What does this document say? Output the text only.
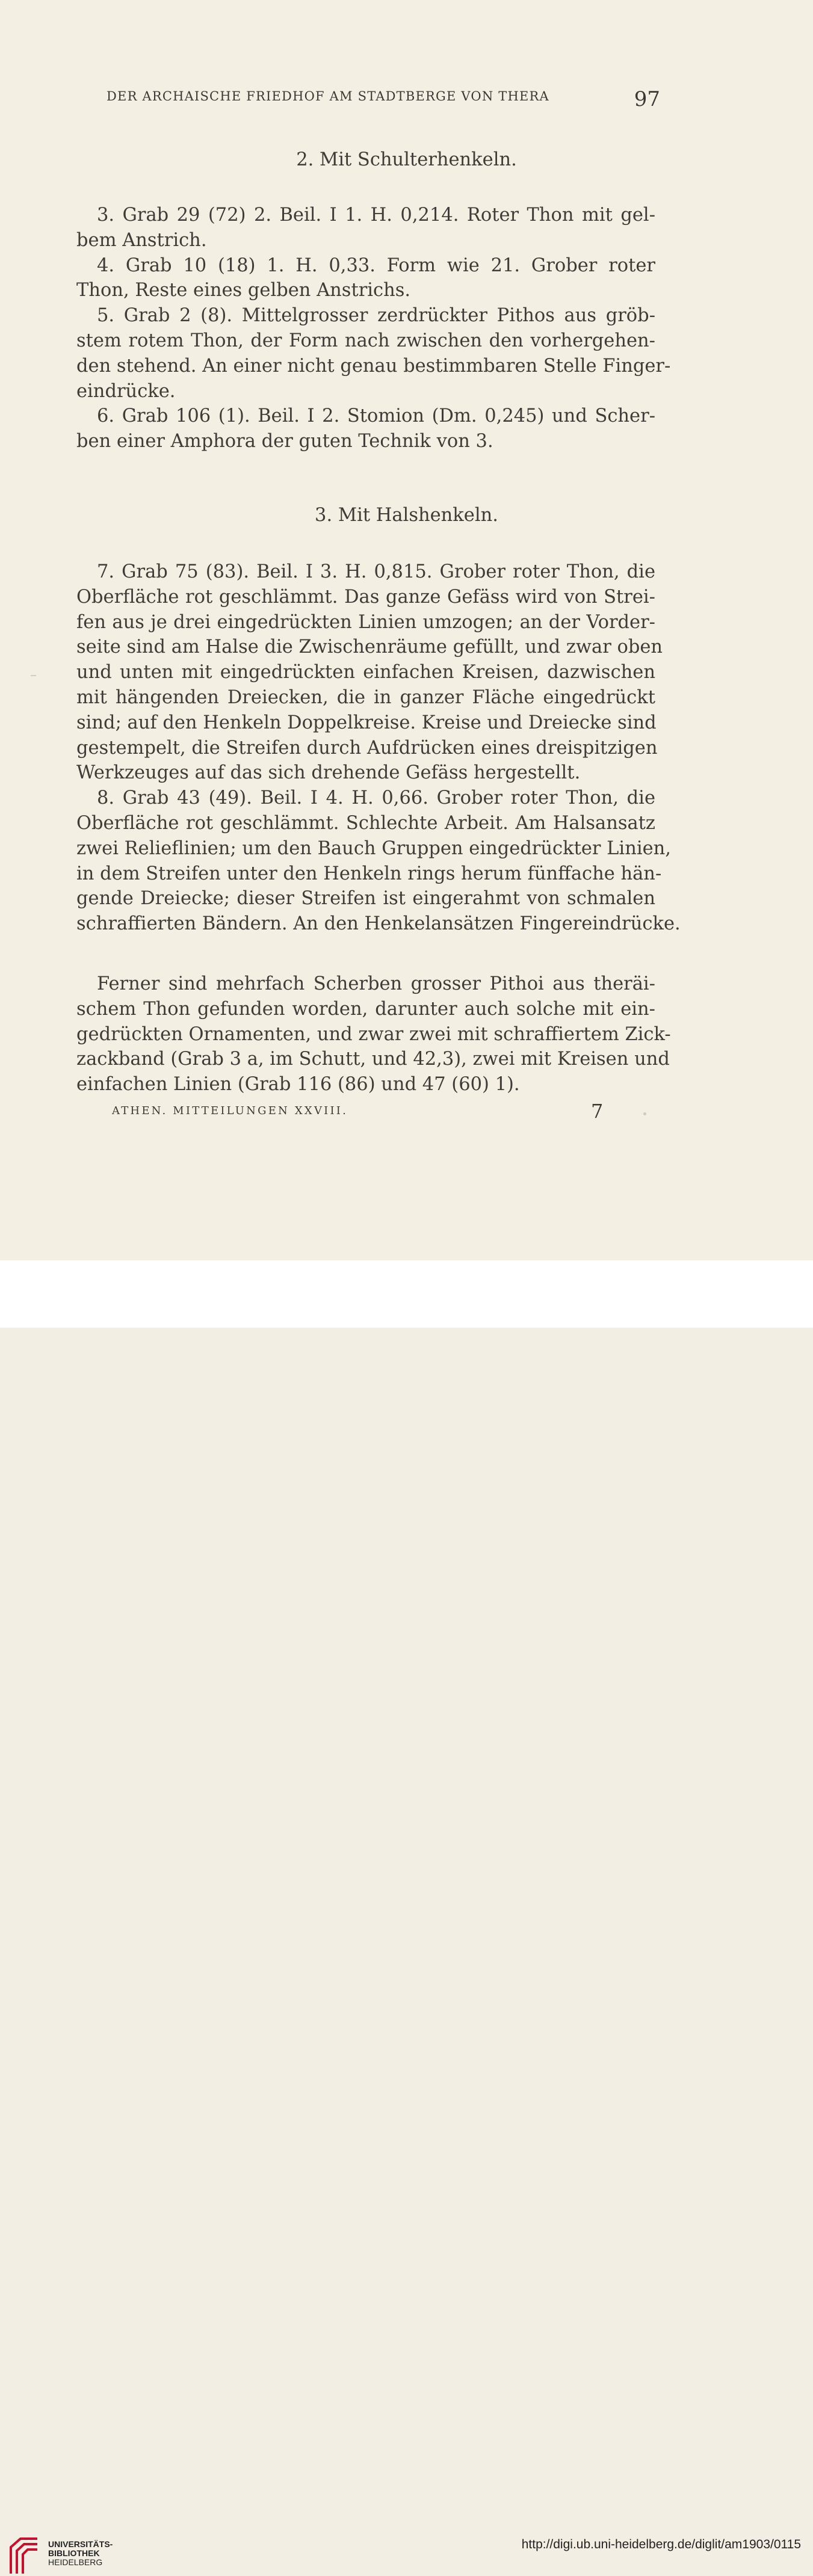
DER ARCHAISCHE FRIEDHOF AM STADTBERGE VON THERA	97
2. Mit Schulterhenkeln.
3. Grab 29 (72) 2. Beil. I 1. H. 0,214. Roter Thon mit gel-
bem Anstrich.
4. Grab 10 (18) 1. H. 0,33. Form wie 21. Grober roter
Thon, Reste eines gelben Anstrichs.
5. Grab 2 (8). Mittelgrosser zerdrückter Pithos aus gröb-
stem rotem Thon, der Form nach zwischen den vorhergehen-
den stehend. An einer nicht genau bestimmbaren Stelle Finger-
eindrücke.
6. Grab 106 (1). Beil. I 2. Stomion (Dm. 0,245) und Scher-
ben einer Amphora der guten Technik von 3.
3. Mit Halshenkeln.
7. Grab 75 (83). Beil. I 3. H. 0,815. Grober roter Thon, die
Oberfläche rot geschlämmt. Das ganze Gefäss wird von Strei-
fen aus je drei eingedrückten Linien umzogen; an der Vorder-
seite sind am Halse die Zwischenräume gefüllt, und zwar oben
und unten mit eingedrückten einfachen Kreisen, dazwischen
mit hängenden Dreiecken, die in ganzer Fläche eingedrückt
sind; auf den Henkeln Doppelkreise. Kreise und Dreiecke sind
gestempelt, die Streifen durch Aufdrücken eines dreispitzigen
Werkzeuges auf das sich drehende Gefäss hergestellt.
8. Grab 43 (49). Beil. I 4. H. 0,66. Grober roter Thon, die
Oberfläche rot geschlämmt. Schlechte Arbeit. Am Halsansatz
zwei Relieflinien; um den Bauch Gruppen eingedrückter Linien,
in dem Streifen unter den Henkeln rings herum fünffache hän-
gende Dreiecke; dieser Streifen ist eingerahmt von schmalen
schraffierten Bändern. An den Henkelansätzen Fingereindrücke.
Ferner sind mehrfach Scherben grosser Pithoi aus theräi-
schem Thon gefunden worden, darunter auch solche mit ein-
gedrückten Ornamenten, und zwar zwei mit schraffiertem Zick-
zackband (Grab 3 a, im Schutt, und 42,3), zwei mit Kreisen und
einfachen Linien (Grab 116 (86) und 47 (60) 1).
ATHEN. MITTEILUNGEN XXVIII.	7
UNIVERSITÄTS-
BIBLIOTHEK
HEIDELBERG
http://digi.ub.uni-heidelberg.de/diglit/am1903/0115
